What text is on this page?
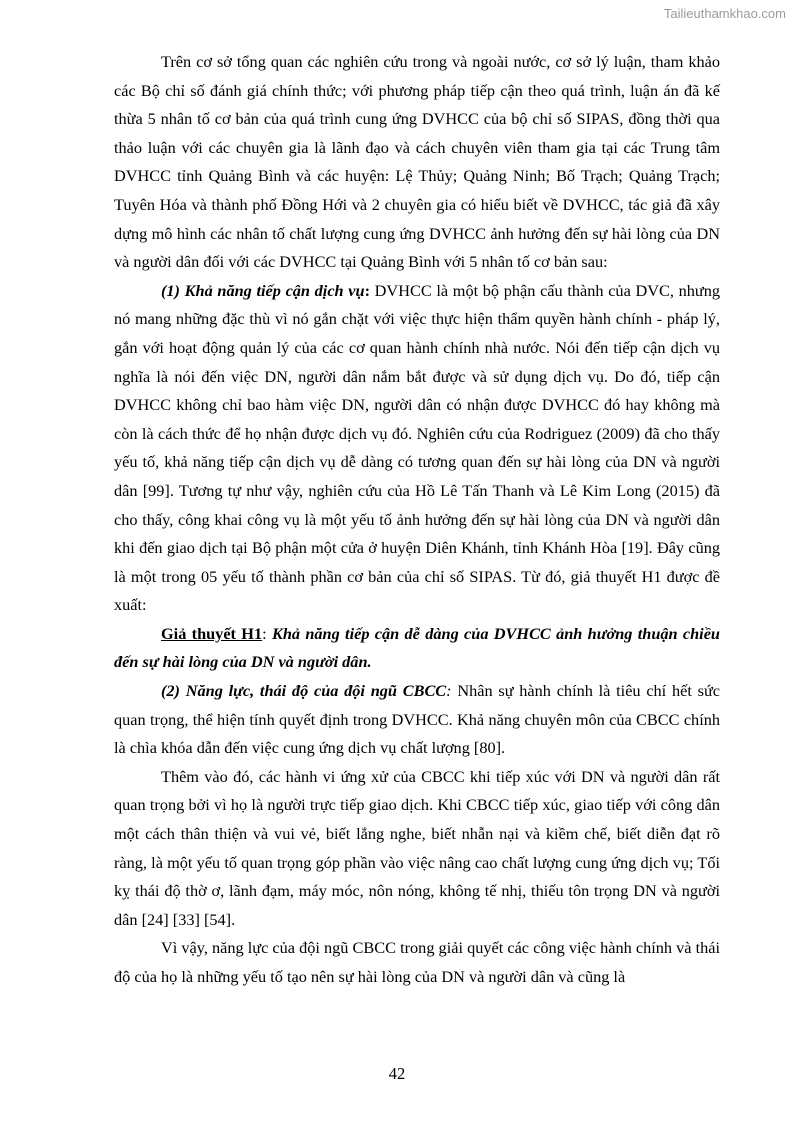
Tailieuthamkhao.com

Trên cơ sở tổng quan các nghiên cứu trong và ngoài nước, cơ sở lý luận, tham khảo các Bộ chỉ số đánh giá chính thức; với phương pháp tiếp cận theo quá trình, luận án đã kế thừa 5 nhân tố cơ bản của quá trình cung ứng DVHCC của bộ chỉ số SIPAS, đồng thời qua thảo luận với các chuyên gia là lãnh đạo và cách chuyên viên tham gia tại các Trung tâm DVHCC tỉnh Quảng Bình và các huyện: Lệ Thủy; Quảng Ninh; Bố Trạch; Quảng Trạch; Tuyên Hóa và thành phố Đồng Hới và 2 chuyên gia có hiểu biết về DVHCC, tác giả đã xây dựng mô hình các nhân tố chất lượng cung ứng DVHCC ảnh hưởng đến sự hài lòng của DN và người dân đối với các DVHCC tại Quảng Bình với 5 nhân tố cơ bản sau:

(1) Khả năng tiếp cận dịch vụ: DVHCC là một bộ phận cấu thành của DVC, nhưng nó mang những đặc thù vì nó gắn chặt với việc thực hiện thẩm quyền hành chính - pháp lý, gắn với hoạt động quản lý của các cơ quan hành chính nhà nước. Nói đến tiếp cận dịch vụ nghĩa là nói đến việc DN, người dân nắm bắt được và sử dụng dịch vụ. Do đó, tiếp cận DVHCC không chỉ bao hàm việc DN, người dân có nhận được DVHCC đó hay không mà còn là cách thức để họ nhận được dịch vụ đó. Nghiên cứu của Rodriguez (2009) đã cho thấy yếu tố, khả năng tiếp cận dịch vụ dễ dàng có tương quan đến sự hài lòng của DN và người dân [99]. Tương tự như vậy, nghiên cứu của Hồ Lê Tấn Thanh và Lê Kim Long (2015) đã cho thấy, công khai công vụ là một yếu tố ảnh hưởng đến sự hài lòng của DN và người dân khi đến giao dịch tại Bộ phận một cửa ở huyện Diên Khánh, tỉnh Khánh Hòa [19]. Đây cũng là một trong 05 yếu tố thành phần cơ bản của chỉ số SIPAS. Từ đó, giả thuyết H1 được đề xuất:

Giả thuyết H1: Khả năng tiếp cận dễ dàng của DVHCC ảnh hưởng thuận chiều đến sự hài lòng của DN và người dân.

(2) Năng lực, thái độ của đội ngũ CBCC: Nhân sự hành chính là tiêu chí hết sức quan trọng, thể hiện tính quyết định trong DVHCC. Khả năng chuyên môn của CBCC chính là chìa khóa dẫn đến việc cung ứng dịch vụ chất lượng [80].

Thêm vào đó, các hành vi ứng xử của CBCC khi tiếp xúc với DN và người dân rất quan trọng bởi vì họ là người trực tiếp giao dịch. Khi CBCC tiếp xúc, giao tiếp với công dân một cách thân thiện và vui vẻ, biết lắng nghe, biết nhẫn nại và kiềm chế, biết diễn đạt rõ ràng, là một yếu tố quan trọng góp phần vào việc nâng cao chất lượng cung ứng dịch vụ; Tối kỵ thái độ thờ ơ, lãnh đạm, máy móc, nôn nóng, không tế nhị, thiếu tôn trọng DN và người dân [24] [33] [54].

Vì vậy, năng lực của đội ngũ CBCC trong giải quyết các công việc hành chính và thái độ của họ là những yếu tố tạo nên sự hài lòng của DN và người dân và cũng là

42
